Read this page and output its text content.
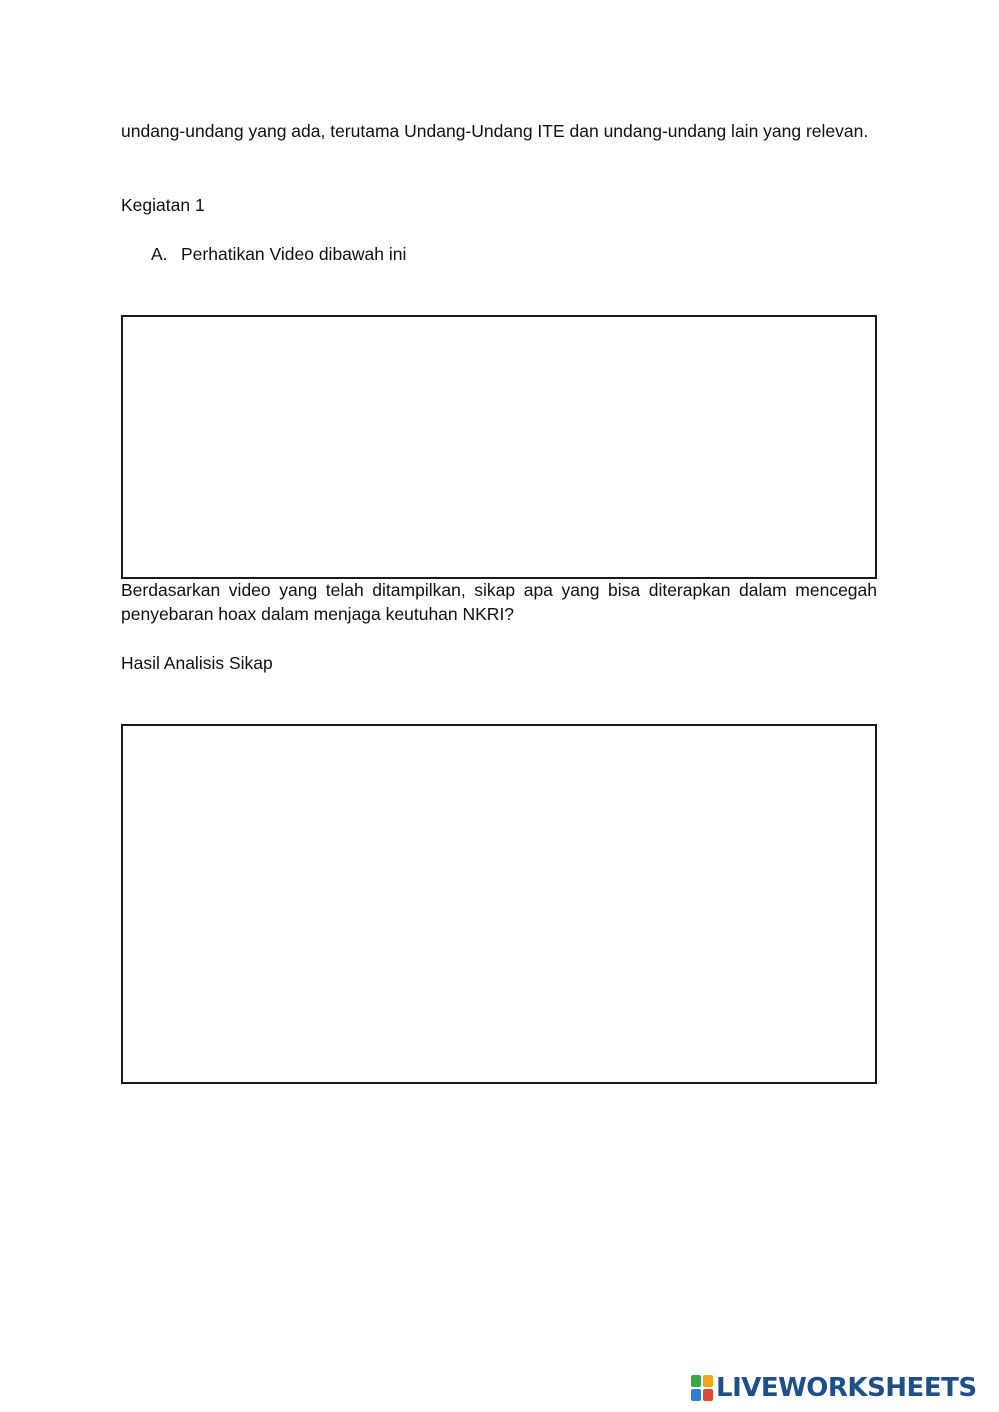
undang-undang yang ada, terutama Undang-Undang ITE dan undang-undang lain yang relevan.

Kegiatan 1

A. Perhatikan Video dibawah ini

Berdasarkan video yang telah ditampilkan, sikap apa yang bisa diterapkan dalam mencegah penyebaran hoax dalam menjaga keutuhan NKRI?

Hasil Analisis Sikap

LIVEWORKSHEETS
